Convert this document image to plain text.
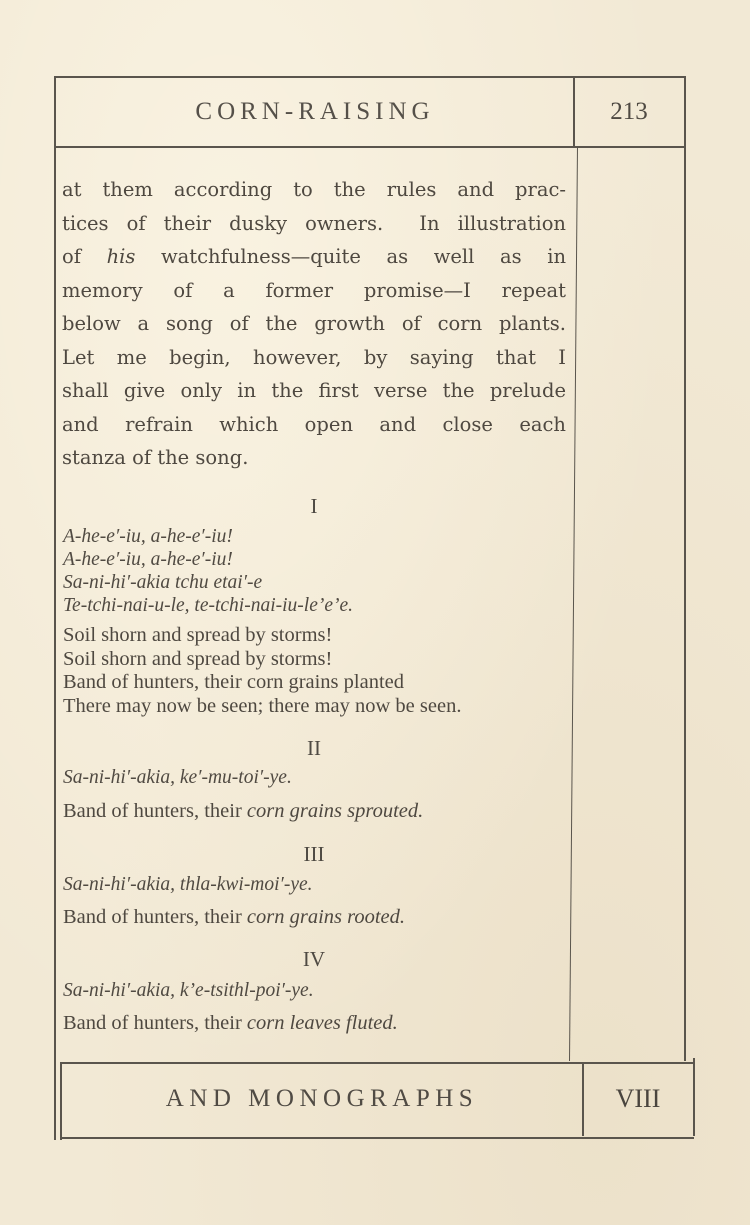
CORN-RAISING	213
at them according to the rules and prac-
tices of their dusky owners.  In illustration
of his watchfulness—quite as well as in
memory of a former promise—I repeat
below a song of the growth of corn plants.
Let me begin, however, by saying that I
shall give only in the first verse the prelude
and refrain which open and close each
stanza of the song.
I
A-he-e′-iu, a-he-e′-iu!
A-he-e′-iu, a-he-e′-iu!
Sa-ni-hi′-akia tchu etai′-e
Te-tchi-nai-u-le, te-tchi-nai-iu-le’e’e.
Soil shorn and spread by storms!
Soil shorn and spread by storms!
Band of hunters, their corn grains planted
There may now be seen; there may now be seen.
II
Sa-ni-hi′-akia, ke′-mu-toi′-ye.
Band of hunters, their corn grains sprouted.
III
Sa-ni-hi′-akia, thla-kwi-moi′-ye.
Band of hunters, their corn grains rooted.
IV
Sa-ni-hi′-akia, k’e-tsithl-poi′-ye.
Band of hunters, their corn leaves fluted.
AND MONOGRAPHS	VIII
